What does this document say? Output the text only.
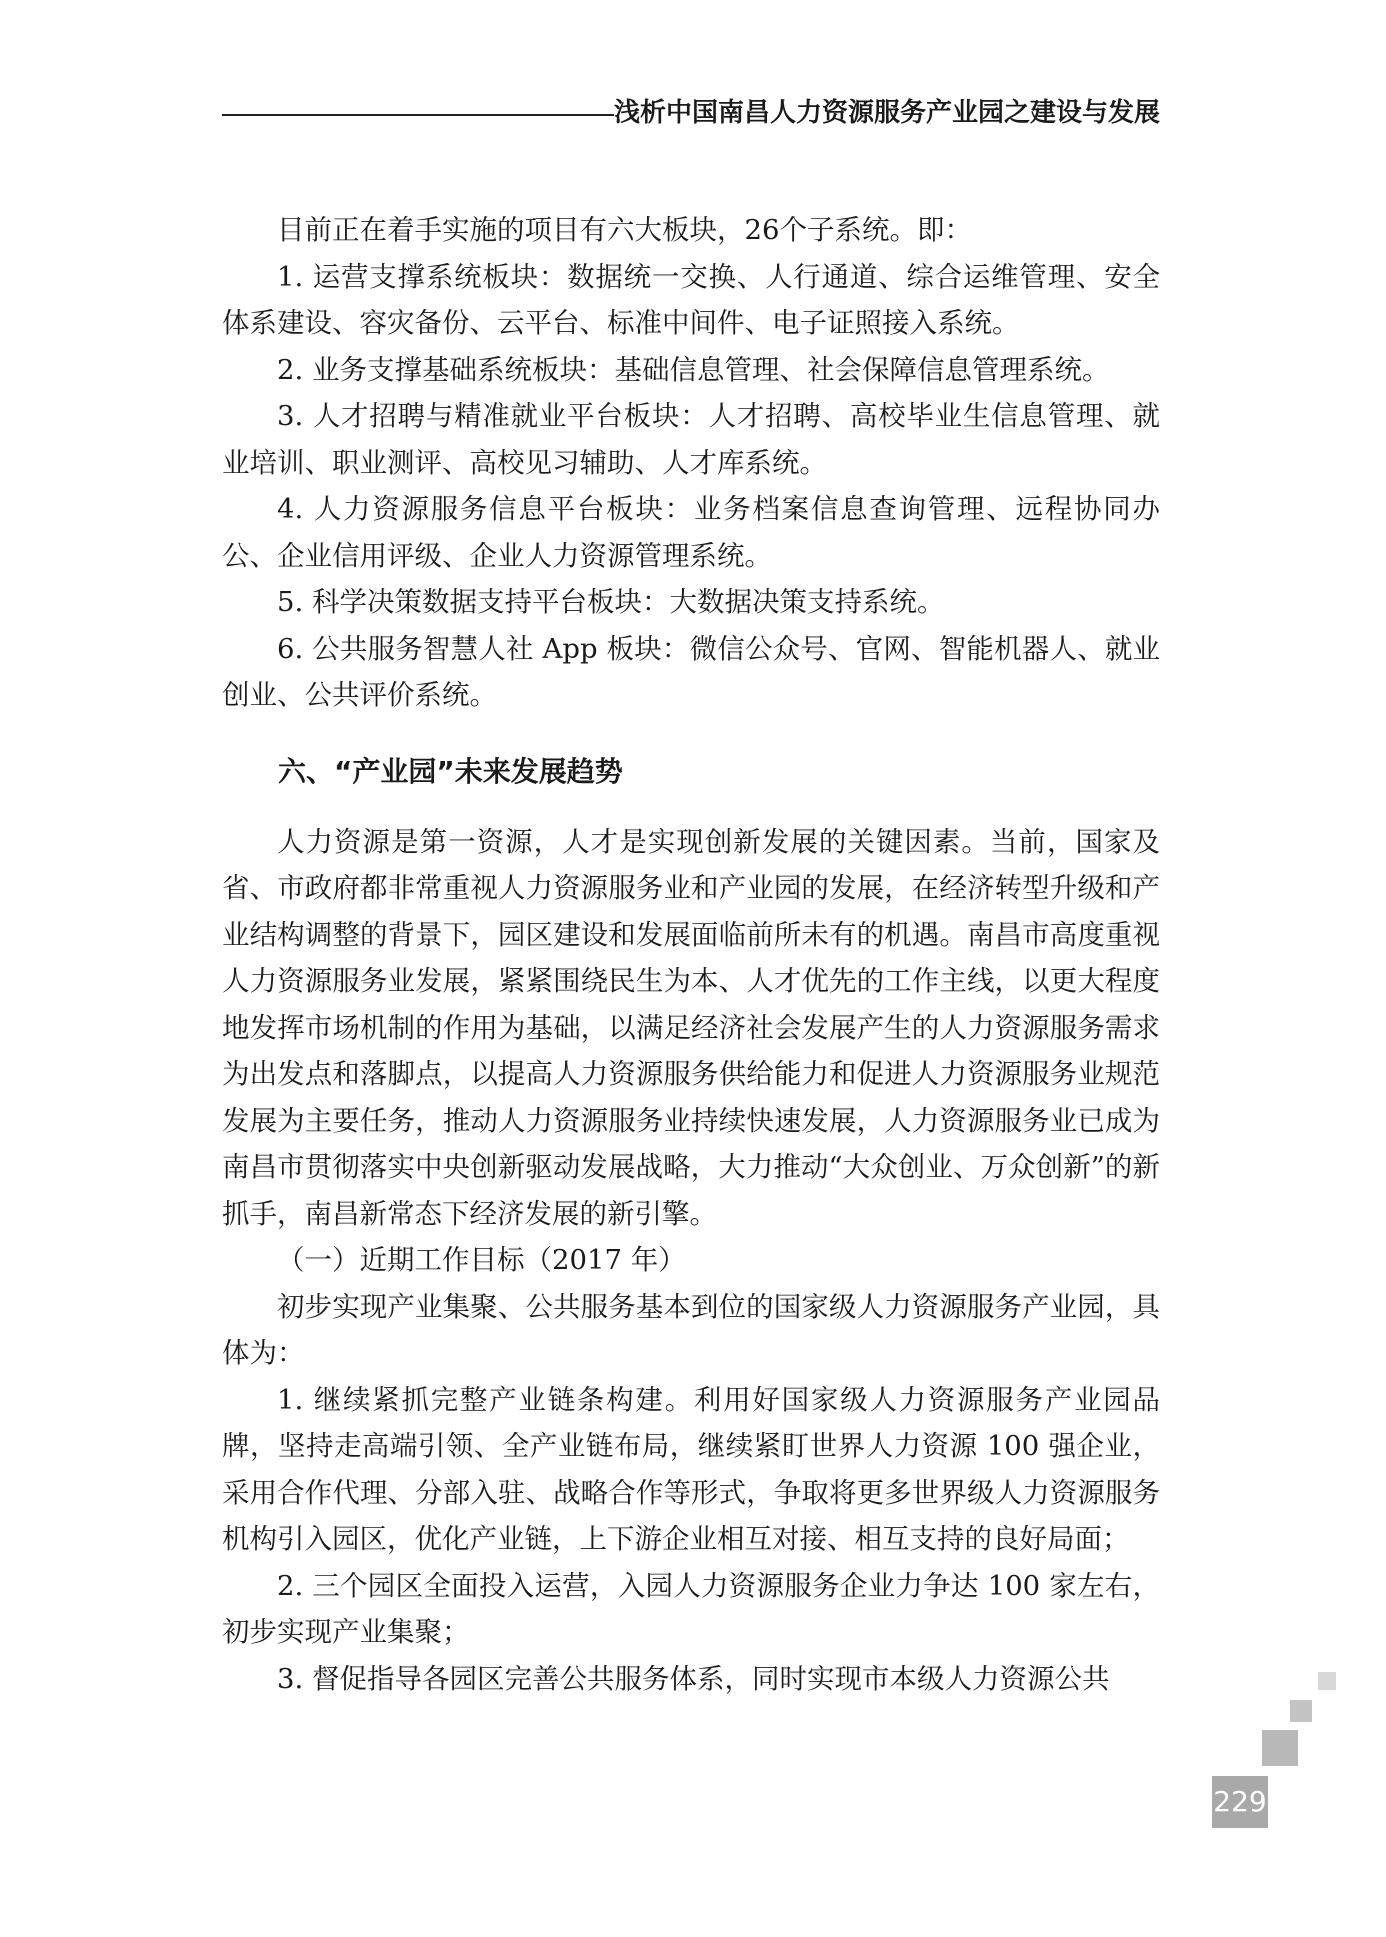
浅析中国南昌人力资源服务产业园之建设与发展

目前正在着手实施的项目有六大板块，26个子系统。即：

1. 运营支撑系统板块：数据统一交换、人行通道、综合运维管理、安全体系建设、容灾备份、云平台、标准中间件、电子证照接入系统。

2. 业务支撑基础系统板块：基础信息管理、社会保障信息管理系统。

3. 人才招聘与精准就业平台板块：人才招聘、高校毕业生信息管理、就业培训、职业测评、高校见习辅助、人才库系统。

4. 人力资源服务信息平台板块：业务档案信息查询管理、远程协同办公、企业信用评级、企业人力资源管理系统。

5. 科学决策数据支持平台板块：大数据决策支持系统。

6. 公共服务智慧人社 App 板块：微信公众号、官网、智能机器人、就业创业、公共评价系统。

六、“产业园”未来发展趋势

人力资源是第一资源，人才是实现创新发展的关键因素。当前，国家及省、市政府都非常重视人力资源服务业和产业园的发展，在经济转型升级和产业结构调整的背景下，园区建设和发展面临前所未有的机遇。南昌市高度重视人力资源服务业发展，紧紧围绕民生为本、人才优先的工作主线，以更大程度地发挥市场机制的作用为基础，以满足经济社会发展产生的人力资源服务需求为出发点和落脚点，以提高人力资源服务供给能力和促进人力资源服务业规范发展为主要任务，推动人力资源服务业持续快速发展，人力资源服务业已成为南昌市贯彻落实中央创新驱动发展战略，大力推动“大众创业、万众创新”的新抓手，南昌新常态下经济发展的新引擎。

（一）近期工作目标（2017 年）

初步实现产业集聚、公共服务基本到位的国家级人力资源服务产业园，具体为：

1. 继续紧抓完整产业链条构建。利用好国家级人力资源服务产业园品牌，坚持走高端引领、全产业链布局，继续紧盯世界人力资源 100 强企业，采用合作代理、分部入驻、战略合作等形式，争取将更多世界级人力资源服务机构引入园区，优化产业链，上下游企业相互对接、相互支持的良好局面；

2. 三个园区全面投入运营，入园人力资源服务企业力争达 100 家左右，初步实现产业集聚；

3. 督促指导各园区完善公共服务体系，同时实现市本级人力资源公共

229
